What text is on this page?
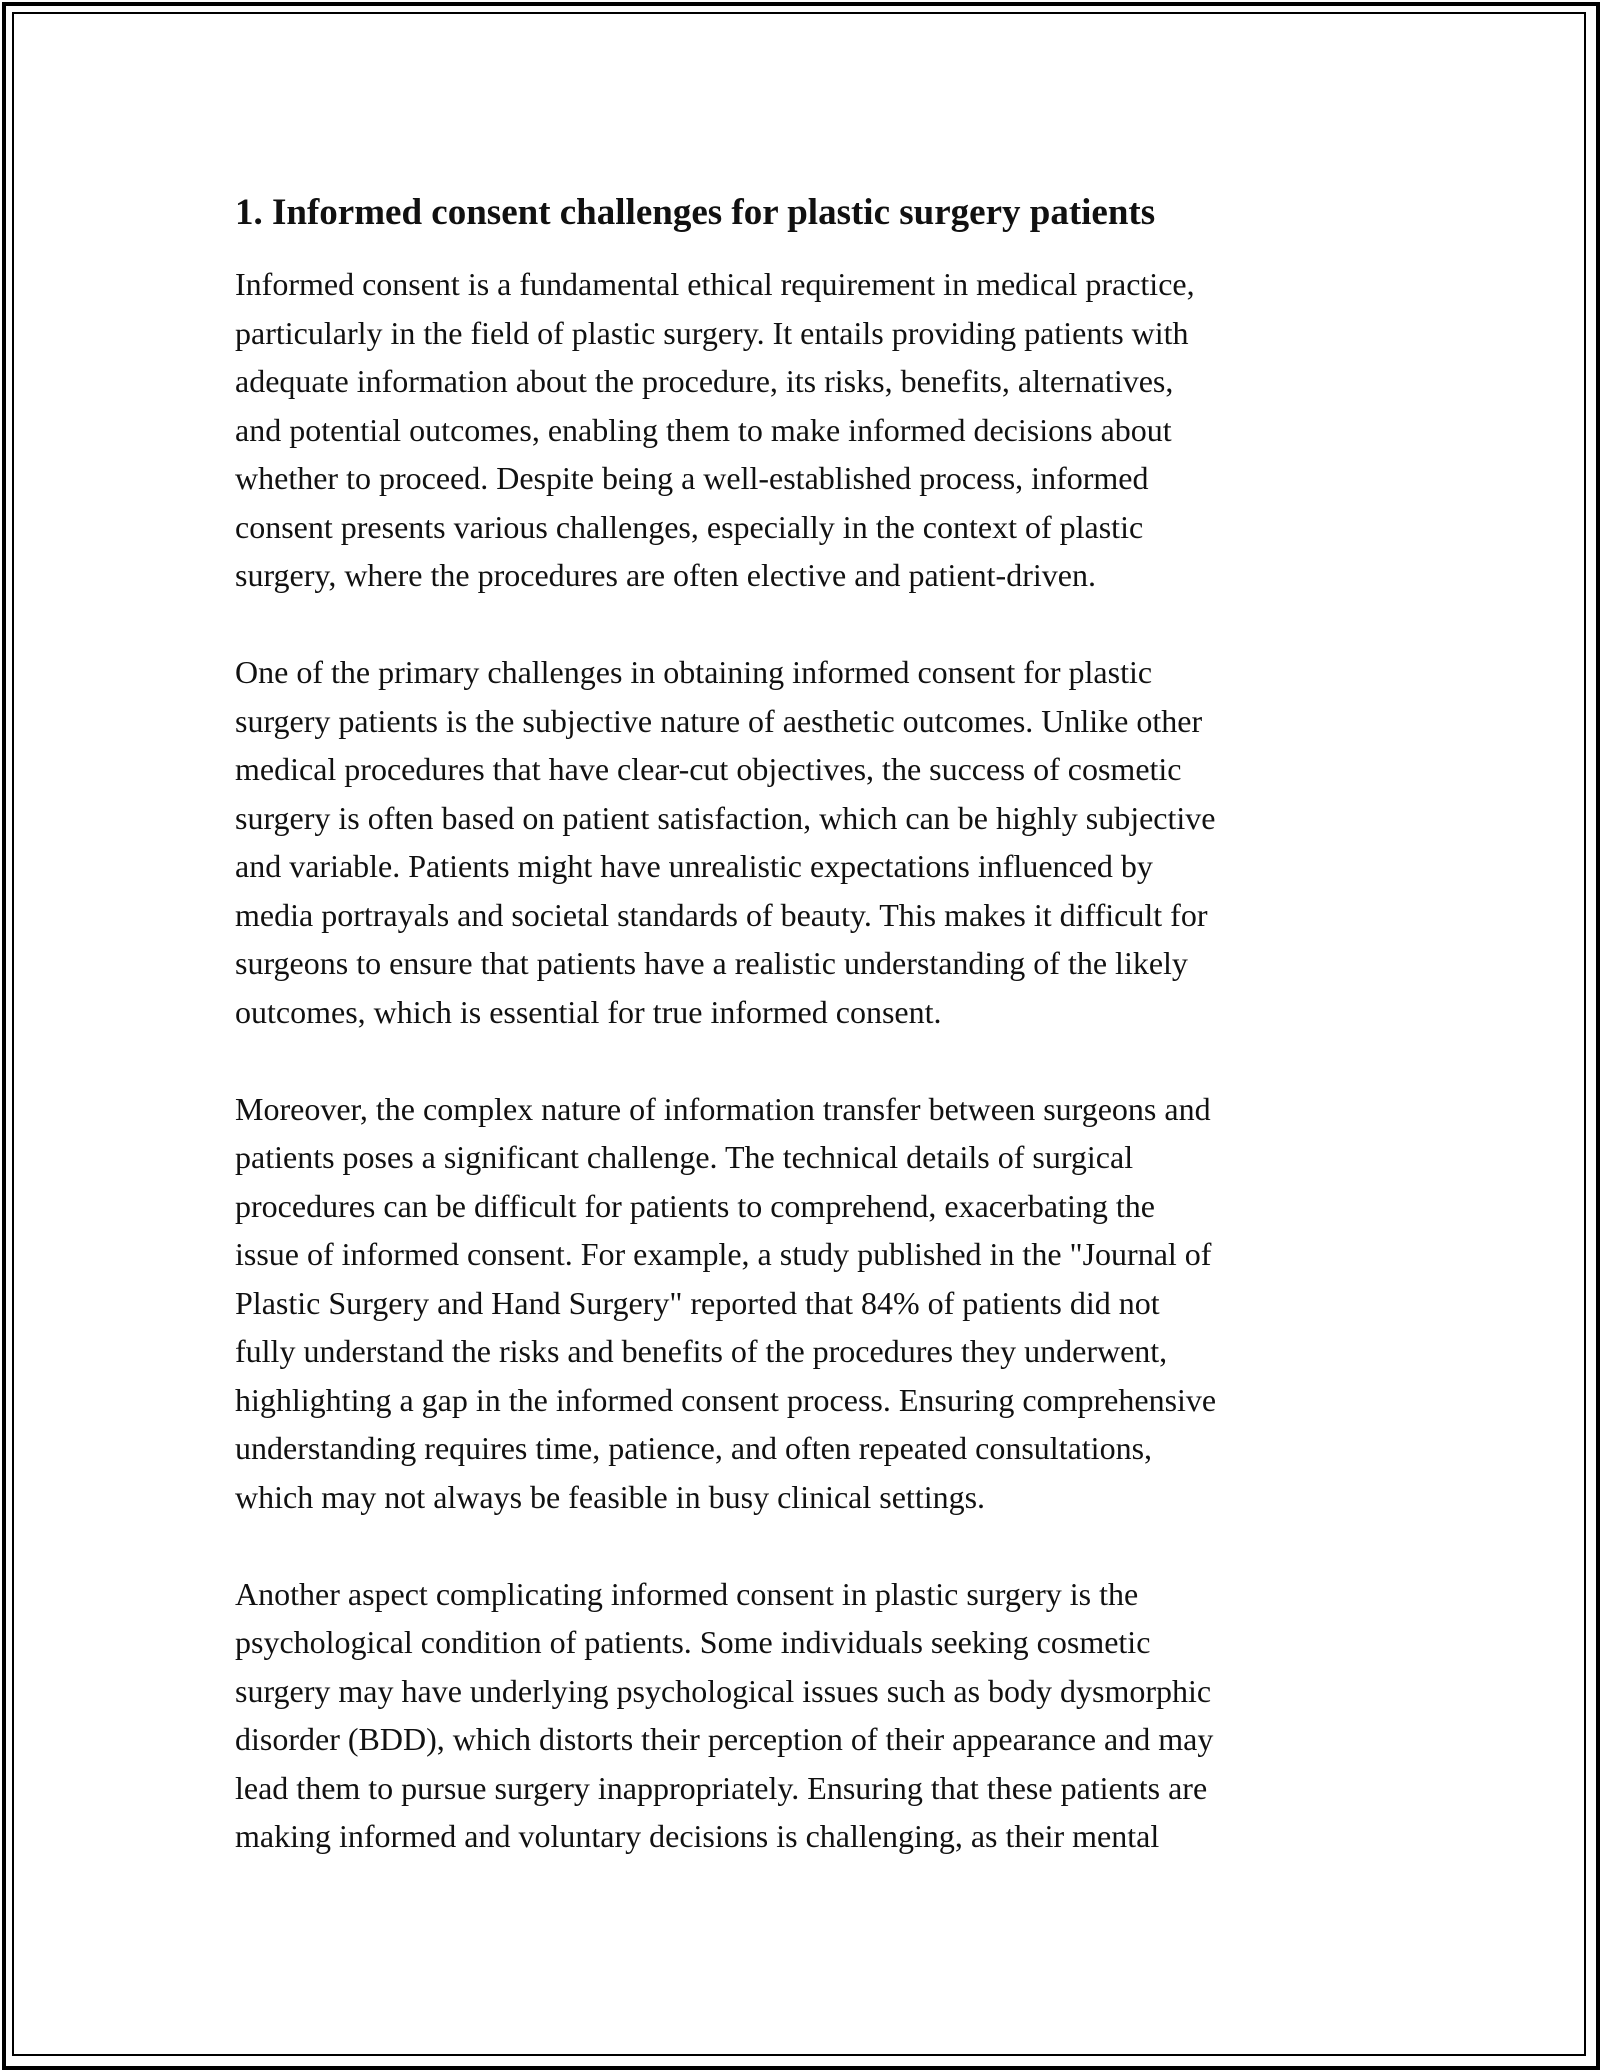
1. Informed consent challenges for plastic surgery patients

Informed consent is a fundamental ethical requirement in medical practice,
particularly in the field of plastic surgery. It entails providing patients with
adequate information about the procedure, its risks, benefits, alternatives,
and potential outcomes, enabling them to make informed decisions about
whether to proceed. Despite being a well-established process, informed
consent presents various challenges, especially in the context of plastic
surgery, where the procedures are often elective and patient-driven.

One of the primary challenges in obtaining informed consent for plastic
surgery patients is the subjective nature of aesthetic outcomes. Unlike other
medical procedures that have clear-cut objectives, the success of cosmetic
surgery is often based on patient satisfaction, which can be highly subjective
and variable. Patients might have unrealistic expectations influenced by
media portrayals and societal standards of beauty. This makes it difficult for
surgeons to ensure that patients have a realistic understanding of the likely
outcomes, which is essential for true informed consent.

Moreover, the complex nature of information transfer between surgeons and
patients poses a significant challenge. The technical details of surgical
procedures can be difficult for patients to comprehend, exacerbating the
issue of informed consent. For example, a study published in the "Journal of
Plastic Surgery and Hand Surgery" reported that 84% of patients did not
fully understand the risks and benefits of the procedures they underwent,
highlighting a gap in the informed consent process. Ensuring comprehensive
understanding requires time, patience, and often repeated consultations,
which may not always be feasible in busy clinical settings.

Another aspect complicating informed consent in plastic surgery is the
psychological condition of patients. Some individuals seeking cosmetic
surgery may have underlying psychological issues such as body dysmorphic
disorder (BDD), which distorts their perception of their appearance and may
lead them to pursue surgery inappropriately. Ensuring that these patients are
making informed and voluntary decisions is challenging, as their mental
